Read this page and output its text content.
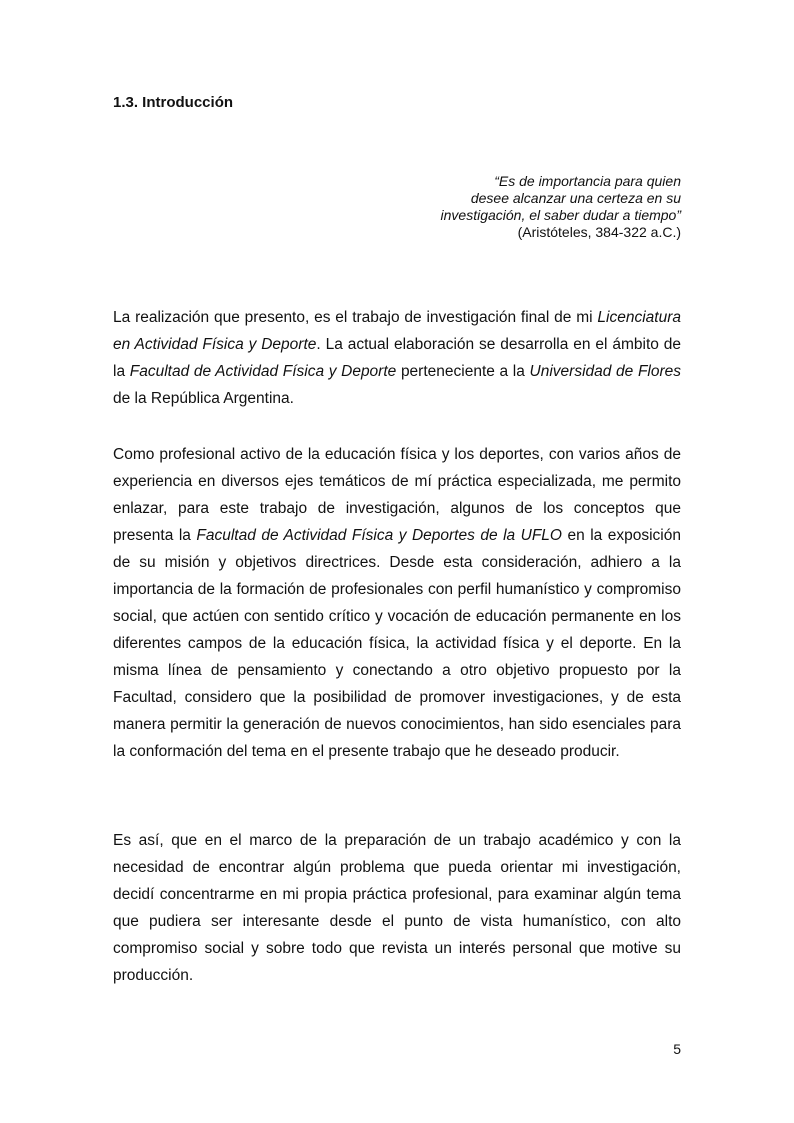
1.3. Introducción
“Es de importancia para quien
desee alcanzar una certeza en su
investigación, el saber dudar a tiempo”
(Aristóteles, 384-322 a.C.)

La realización que presento, es el trabajo de investigación final de mi Licenciatura en Actividad Física y Deporte. La actual elaboración se desarrolla en el ámbito de la Facultad de Actividad Física y Deporte perteneciente a la Universidad de Flores de la República Argentina.

Como profesional activo de la educación física y los deportes, con varios años de experiencia en diversos ejes temáticos de mí práctica especializada, me permito enlazar, para este trabajo de investigación, algunos de los conceptos que presenta la Facultad de Actividad Física y Deportes de la UFLO en la exposición de su misión y objetivos directrices. Desde esta consideración, adhiero a la importancia de la formación de profesionales con perfil humanístico y compromiso social, que actúen con sentido crítico y vocación de educación permanente en los diferentes campos de la educación física, la actividad física y el deporte. En la misma línea de pensamiento y conectando a otro objetivo propuesto por la Facultad, considero que la posibilidad de promover investigaciones, y de esta manera permitir la generación de nuevos conocimientos, han sido esenciales para la conformación del tema en el presente trabajo que he deseado producir.

Es así, que en el marco de la preparación de un trabajo académico y con la necesidad de encontrar algún problema que pueda orientar mi investigación, decidí concentrarme en mi propia práctica profesional, para examinar algún tema que pudiera ser interesante desde el punto de vista humanístico, con alto compromiso social y sobre todo que revista un interés personal que motive su producción.

5
